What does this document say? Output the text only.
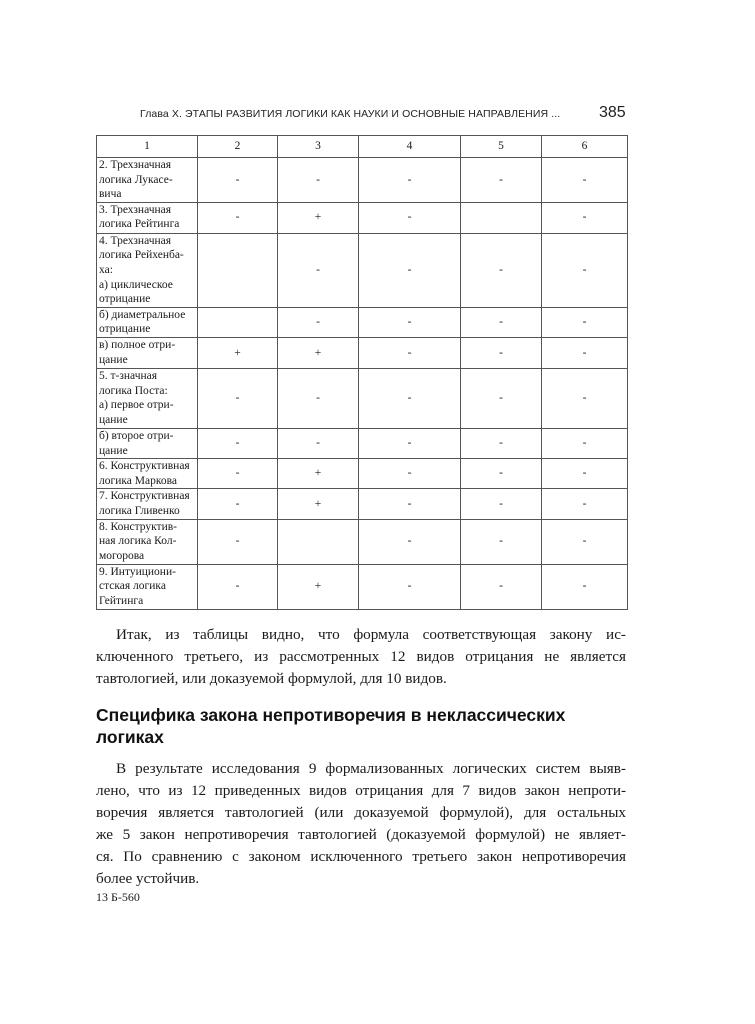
Глава X. ЭТАПЫ РАЗВИТИЯ ЛОГИКИ КАК НАУКИ И ОСНОВНЫЕ НАПРАВЛЕНИЯ ... 385
1	2	3	4	5	6

2. Трехзначная
логика Лукасе-
вича	-	-	-	-	-

3. Трехзначная
логика Рейтинга	-	+	-		-

4. Трехзначная
логика Рейхенба-
ха:
а) циклическое
отрицание		-	-	-	-

б) диаметральное
отрицание		-	-	-	-

в) полное отри-
цание	+	+	-	-	-

5. т-значная
логика Поста:
а) первое отри-
цание	-	-	-	-	-

б) второе отри-
цание	-	-	-	-	-

6. Конструктивная
логика Маркова	-	+	-	-	-

7. Конструктивная
логика Гливенко	-	+	-	-	-

8. Конструктив-
ная логика Кол-
могорова	-		-	-	-

9. Интуициони-
стская логика
Гейтинга	-	+	-	-	-
Итак, из таблицы видно, что формула соответствующая закону ис-
ключенного третьего, из рассмотренных 12 видов отрицания не является
тавтологией, или доказуемой формулой, для 10 видов.
Специфика закона непротиворечия в неклассических
логиках
В результате исследования 9 формализованных логических систем выяв-
лено, что из 12 приведенных видов отрицания для 7 видов закон непроти-
воречия является тавтологией (или доказуемой формулой), для остальных
же 5 закон непротиворечия тавтологией (доказуемой формулой) не являет-
ся. По сравнению с законом исключенного третьего закон непротиворечия
более устойчив.
13 Б-560
